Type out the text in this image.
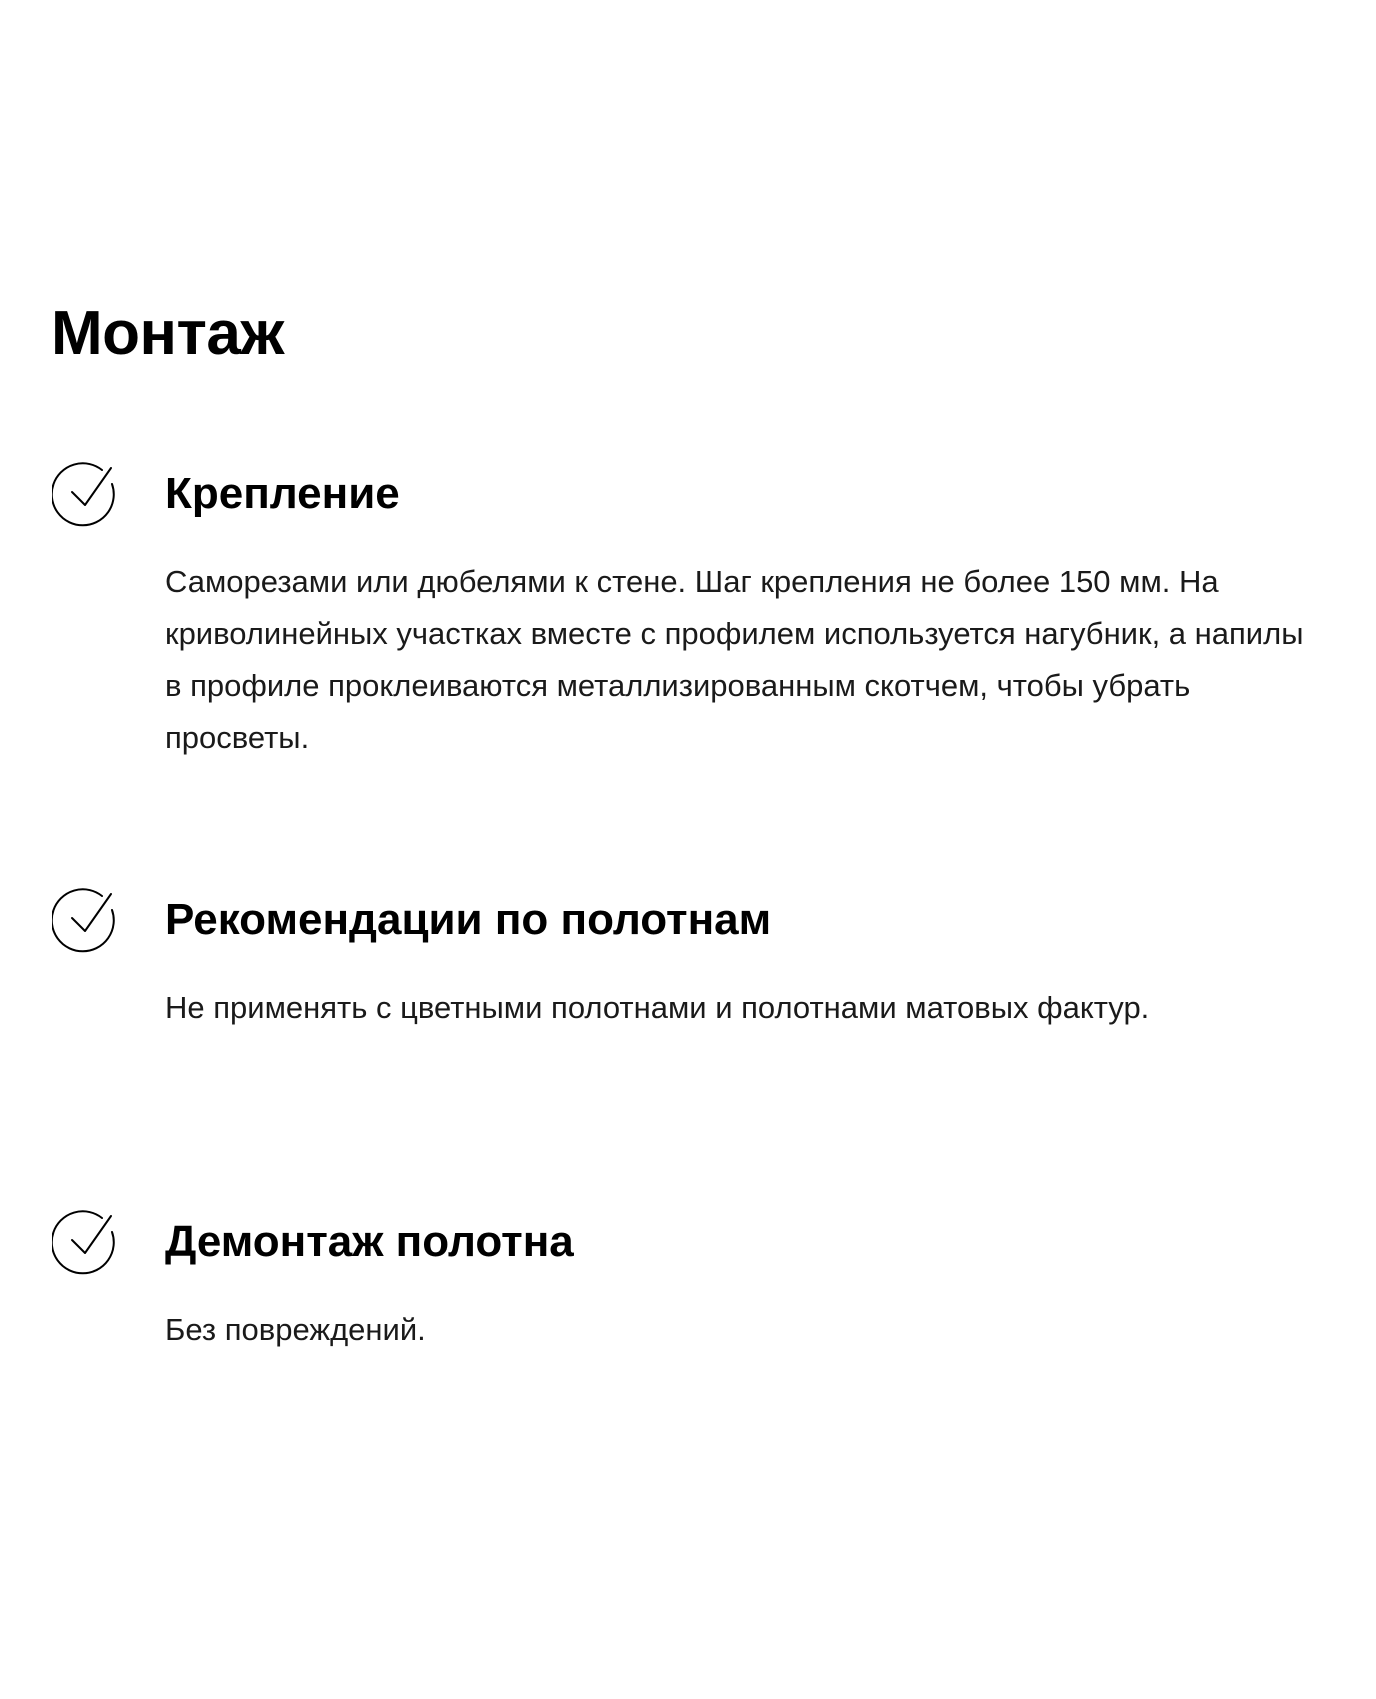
Монтаж
Крепление

Саморезами или дюбелями к стене. Шаг крепления не более 150 мм. На криволинейных участках вместе с профилем используется нагубник, а напилы в профиле проклеиваются металлизированным скотчем, чтобы убрать просветы.

Рекомендации по полотнам

Не применять с цветными полотнами и полотнами матовых фактур.

Демонтаж полотна

Без повреждений.
